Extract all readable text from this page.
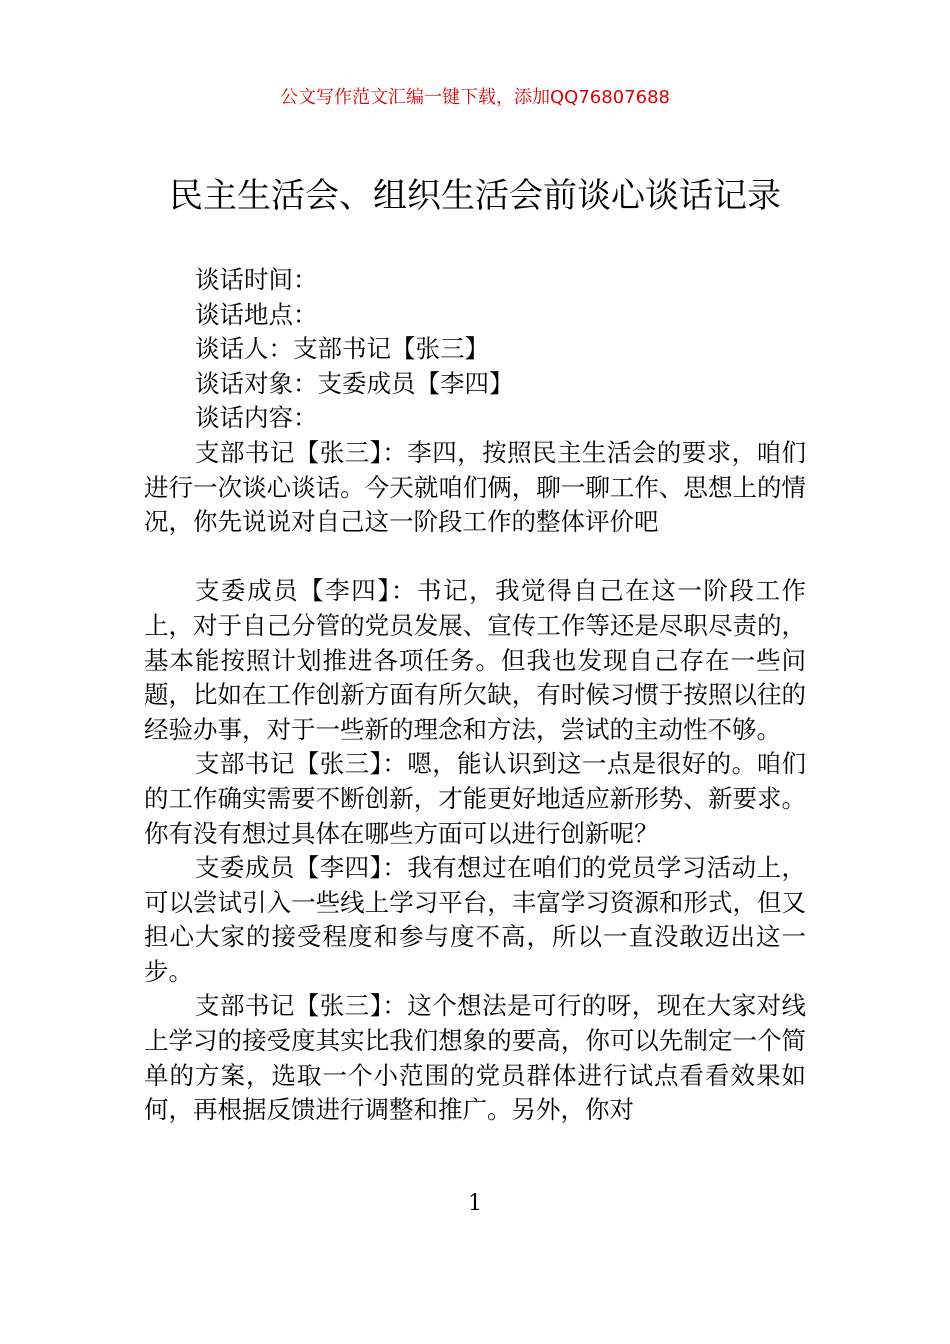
公文写作范文汇编一键下载，添加QQ76807688
民主生活会、组织生活会前谈心谈话记录

谈话时间：

谈话地点：

谈话人：支部书记【张三】

谈话对象：支委成员【李四】

谈话内容：

支部书记【张三】：李四，按照民主生活会的要求，咱们进行一次谈心谈话。今天就咱们俩，聊一聊工作、思想上的情况，你先说说对自己这一阶段工作的整体评价吧

支委成员【李四】：书记，我觉得自己在这一阶段工作上，对于自己分管的党员发展、宣传工作等还是尽职尽责的，基本能按照计划推进各项任务。但我也发现自己存在一些问题，比如在工作创新方面有所欠缺，有时候习惯于按照以往的经验办事，对于一些新的理念和方法，尝试的主动性不够。

支部书记【张三】：嗯，能认识到这一点是很好的。咱们的工作确实需要不断创新，才能更好地适应新形势、新要求。你有没有想过具体在哪些方面可以进行创新呢？

支委成员【李四】：我有想过在咱们的党员学习活动上，可以尝试引入一些线上学习平台，丰富学习资源和形式，但又担心大家的接受程度和参与度不高，所以一直没敢迈出这一步。

支部书记【张三】：这个想法是可行的呀，现在大家对线上学习的接受度其实比我们想象的要高，你可以先制定一个简单的方案，选取一个小范围的党员群体进行试点看看效果如何，再根据反馈进行调整和推广。另外，你对

1
